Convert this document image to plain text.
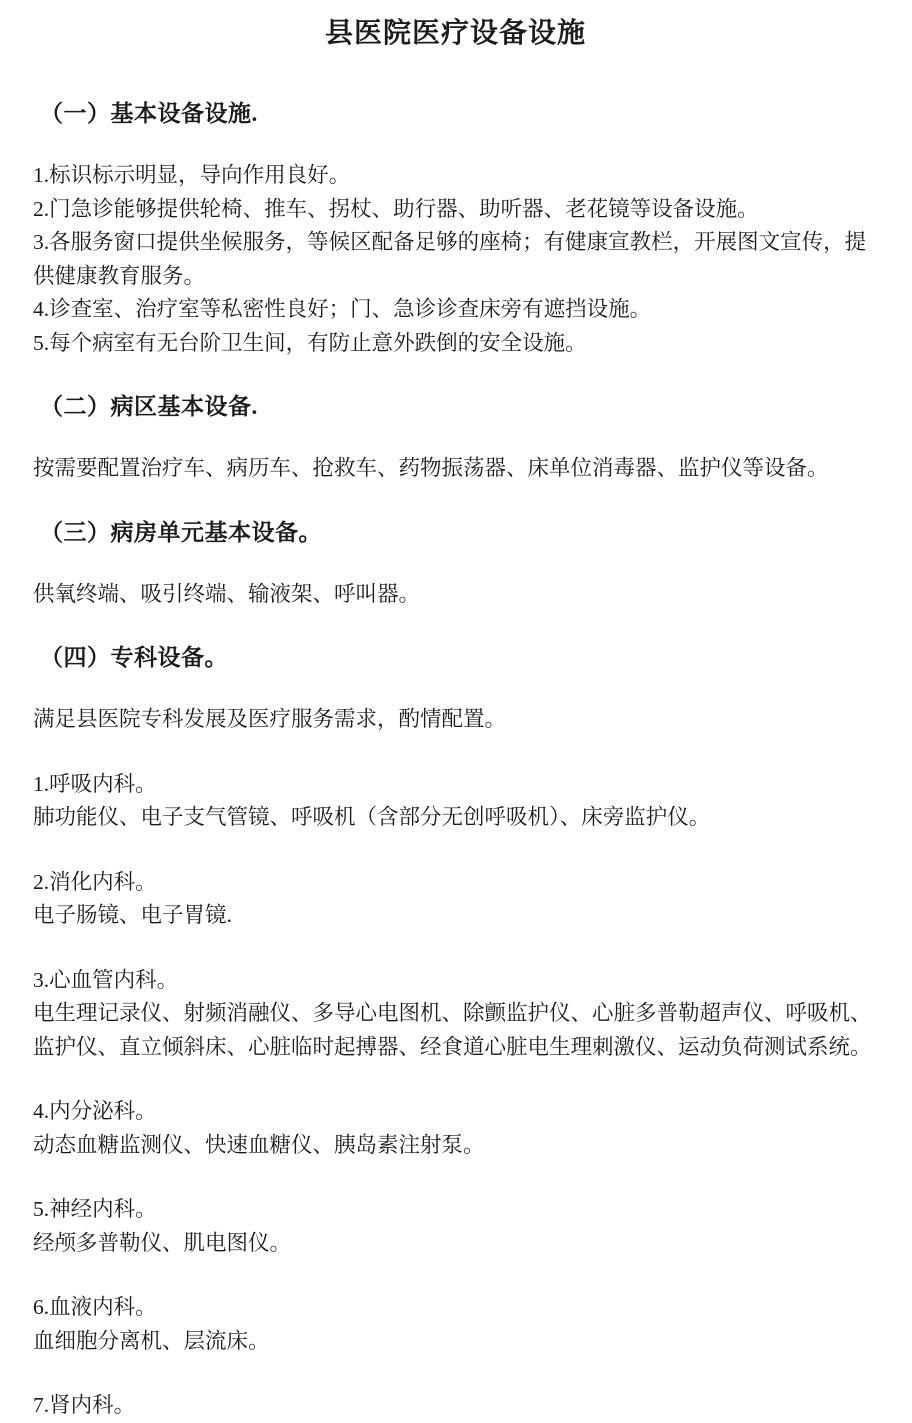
县医院医疗设备设施
（一）基本设备设施.

1.标识标示明显，导向作用良好。

2.门急诊能够提供轮椅、推车、拐杖、助行器、助听器、老花镜等设备设施。

3.各服务窗口提供坐候服务，等候区配备足够的座椅；有健康宣教栏，开展图文宣传，提供健康教育服务。

4.诊查室、治疗室等私密性良好；门、急诊诊查床旁有遮挡设施。

5.每个病室有无台阶卫生间，有防止意外跌倒的安全设施。

（二）病区基本设备.

按需要配置治疗车、病历车、抢救车、药物振荡器、床单位消毒器、监护仪等设备。

（三）病房单元基本设备。

供氧终端、吸引终端、输液架、呼叫器。

（四）专科设备。

满足县医院专科发展及医疗服务需求，酌情配置。

1.呼吸内科。

肺功能仪、电子支气管镜、呼吸机（含部分无创呼吸机）、床旁监护仪。

2.消化内科。

电子肠镜、电子胃镜.

3.心血管内科。

电生理记录仪、射频消融仪、多导心电图机、除颤监护仪、心脏多普勒超声仪、呼吸机、监护仪、直立倾斜床、心脏临时起搏器、经食道心脏电生理刺激仪、运动负荷测试系统。

4.内分泌科。

动态血糖监测仪、快速血糖仪、胰岛素注射泵。

5.神经内科。

经颅多普勒仪、肌电图仪。

6.血液内科。

血细胞分离机、层流床。

7.肾内科。
